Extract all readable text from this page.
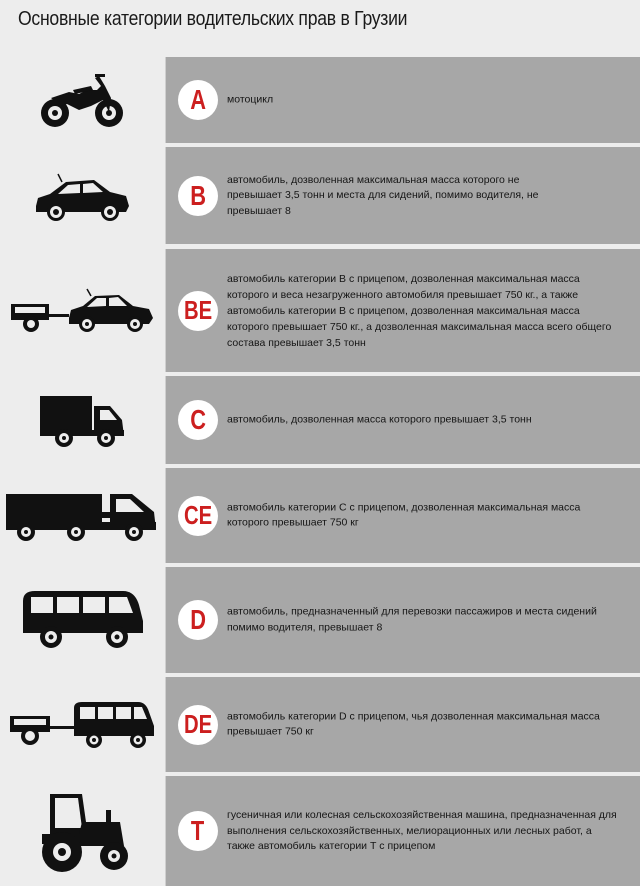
Основные категории водительских прав в Грузии
A мотоцикл
B
автомобиль, дозволенная максимальная масса которого не превышает 3,5 тонн и места для сидений, помимо водителя, не превышает 8
BE
автомобиль категории В с прицепом, дозволенная максимальная масса которого и веса незагруженного автомобиля превышает 750 кг., а также автомобиль категории В с прицепом, дозволенная максимальная масса которого превышает 750 кг., а дозволенная максимальная масса всего общего состава превышает 3,5 тонн
C автомобиль, дозволенная масса которого превышает 3,5 тонн
CE автомобиль категории С с прицепом, дозволенная максимальная масса которого превышает 750 кг
D автомобиль, предназначенный для перевозки пассажиров и места сидений помимо водителя, превышает 8
DE автомобиль категории D с прицепом, чья дозволенная максимальная масса превышает 750 кг
T
гусеничная или колесная сельскохозяйственная машина, предназначенная для выполнения сельскохозяйственных, мелиорационных или лесных работ, а также автомобиль категории Т с прицепом
